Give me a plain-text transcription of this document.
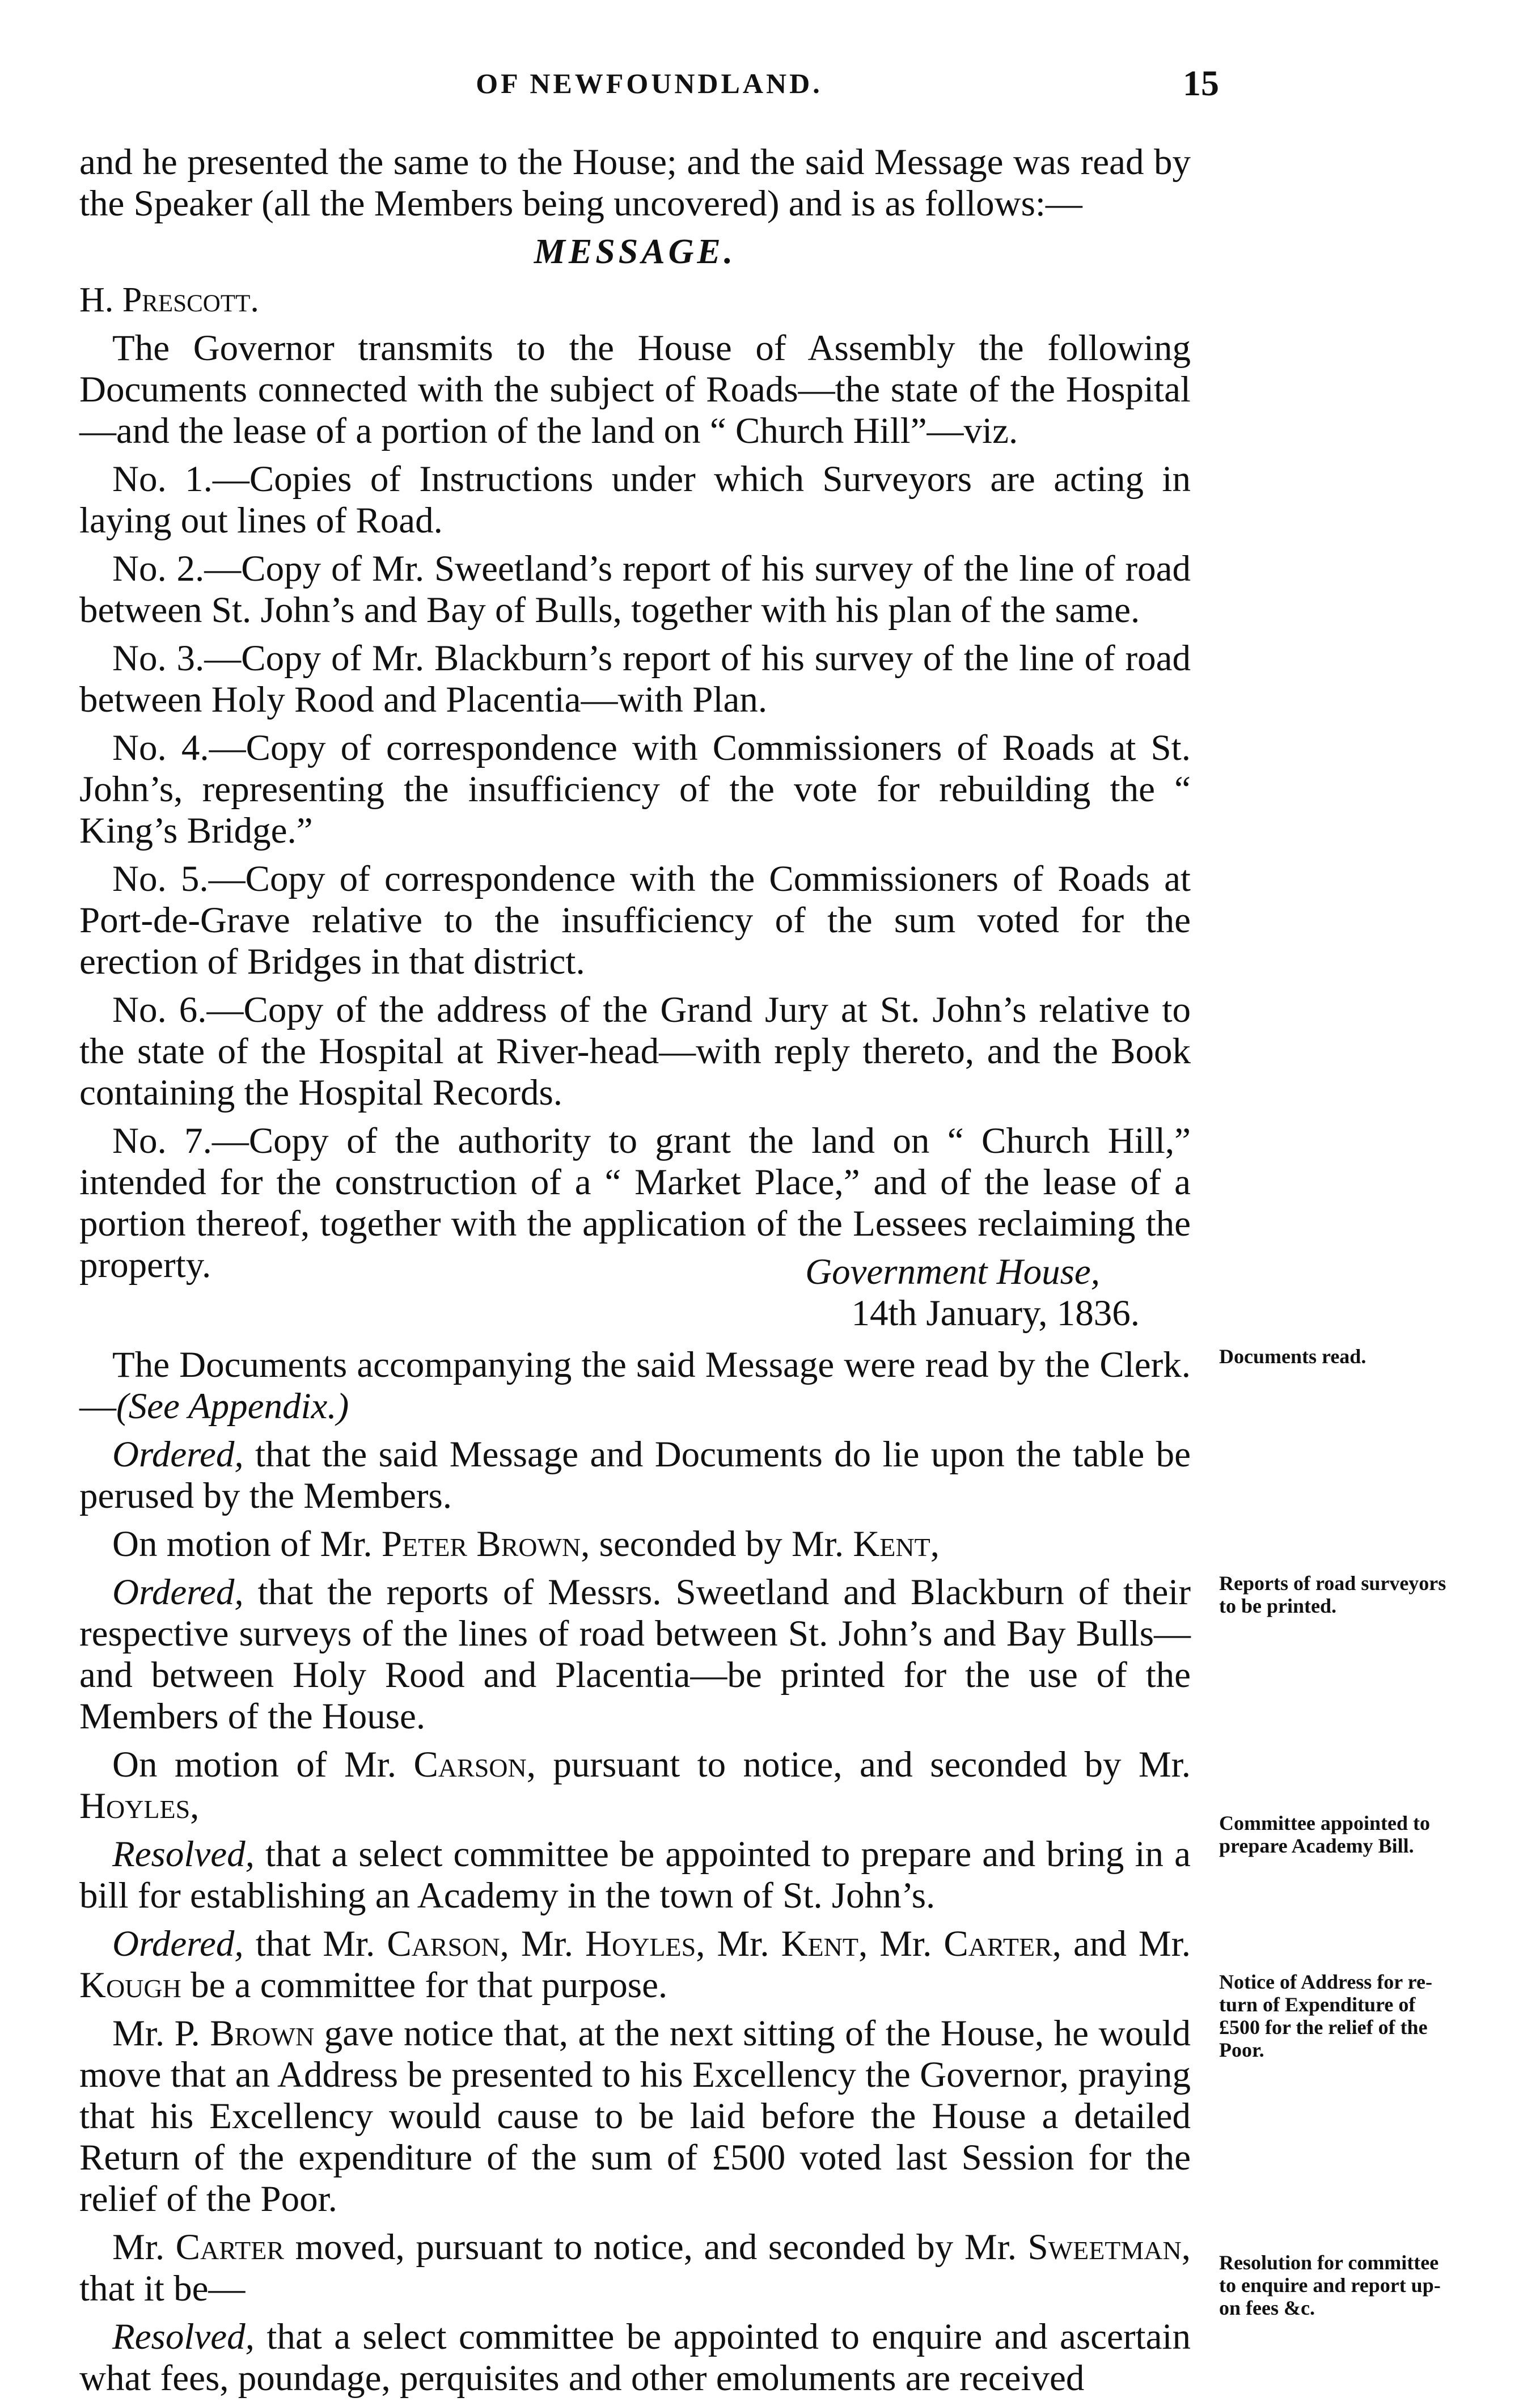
OF NEWFOUNDLAND.	15

and he presented the same to the House; and the said Message was read by the Speaker (all the Members being uncovered) and is as follows:—

MESSAGE.

H. Prescott.

The Governor transmits to the House of Assembly the following Documents connected with the subject of Roads—the state of the Hospital—and the lease of a portion of the land on “ Church Hill”—viz.

No. 1.—Copies of Instructions under which Surveyors are acting in laying out lines of Road.

No. 2.—Copy of Mr. Sweetland’s report of his survey of the line of road between St. John’s and Bay of Bulls, together with his plan of the same.

No. 3.—Copy of Mr. Blackburn’s report of his survey of the line of road between Holy Rood and Placentia—with Plan.

No. 4.—Copy of correspondence with Commissioners of Roads at St. John’s, representing the insufficiency of the vote for rebuilding the “ King’s Bridge.”

No. 5.—Copy of correspondence with the Commissioners of Roads at Port-de-Grave relative to the insufficiency of the sum voted for the erection of Bridges in that district.

No. 6.—Copy of the address of the Grand Jury at St. John’s relative to the state of the Hospital at River-head—with reply thereto, and the Book containing the Hospital Records.

No. 7.—Copy of the authority to grant the land on “ Church Hill,” intended for the construction of a “ Market Place,” and of the lease of a portion thereof, together with the application of the Lessees reclaiming the property.	Government House,
14th January, 1836.

The Documents accompanying the said Message were read by the Clerk.—(See Appendix.)

Ordered, that the said Message and Documents do lie upon the table be perused by the Members.

On motion of Mr. Peter Brown, seconded by Mr. Kent,

Ordered, that the reports of Messrs. Sweetland and Blackburn of their respective surveys of the lines of road between St. John’s and Bay Bulls—and between Holy Rood and Placentia—be printed for the use of the Members of the House.

On motion of Mr. Carson, pursuant to notice, and seconded by Mr. Hoyles,

Resolved, that a select committee be appointed to prepare and bring in a bill for establishing an Academy in the town of St. John’s.

Ordered, that Mr. Carson, Mr. Hoyles, Mr. Kent, Mr. Carter, and Mr. Kough be a committee for that purpose.

Mr. P. Brown gave notice that, at the next sitting of the House, he would move that an Address be presented to his Excellency the Governor, praying that his Excellency would cause to be laid before the House a detailed Return of the expenditure of the sum of £500 voted last Session for the relief of the Poor.

Mr. Carter moved, pursuant to notice, and seconded by Mr. Sweetman, that it be—

Resolved, that a select committee be appointed to enquire and ascertain what fees, poundage, perquisites and other emoluments are received

Documents read.
Reports of road surveyors
to be printed.
Committee appointed to
prepare Academy Bill.
Notice of Address for re-
turn of Expenditure of
£500 for the relief of the
Poor.
Resolution for committee
to enquire and report up-
on fees &c.
